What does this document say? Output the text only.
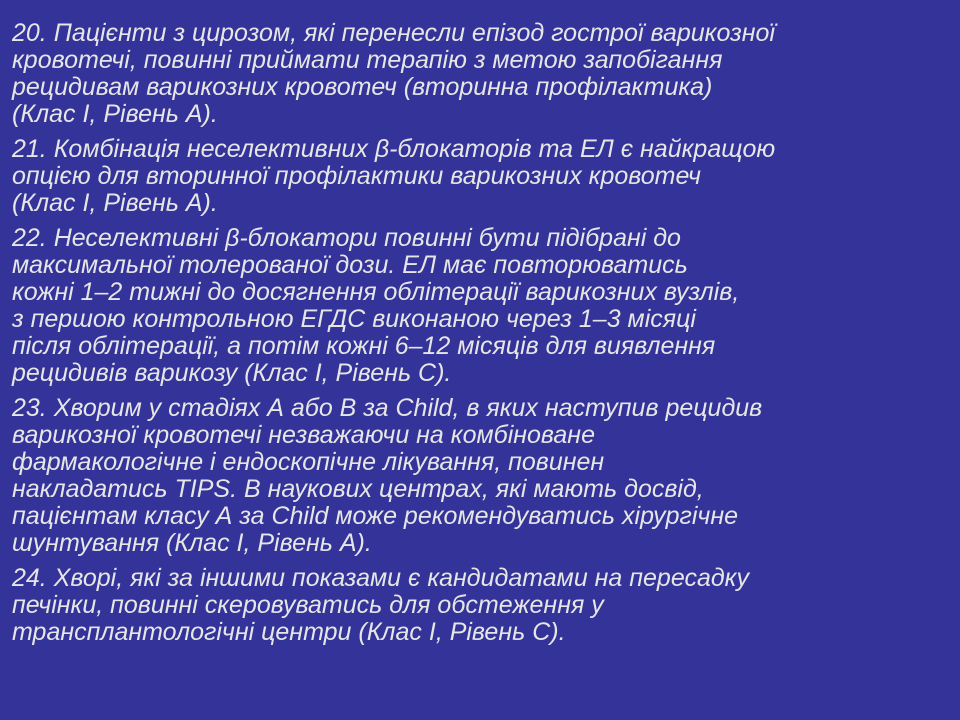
20. Пацієнти з цирозом, які перенесли епізод гострої варикозної
кровотечі, повинні приймати терапію з метою запобігання
рецидивам варикозних кровотеч (вторинна профілактика)
(Клас І, Рівень А).

21. Комбінація неселективних β-блокаторів та ЕЛ є найкращою
опцією для вторинної профілактики варикозних кровотеч
(Клас І, Рівень А).

22. Неселективні β-блокатори повинні бути підібрані до
максимальної толерованої дози. ЕЛ має повторюватись
кожні 1–2 тижні до досягнення облітерації варикозних вузлів,
з першою контрольною ЕГДС виконаною через 1–3 місяці
після облітерації, а потім кожні 6–12 місяців для виявлення
рецидивів варикозу (Клас І, Рівень С).

23. Хворим у стадіях А або В за Child, в яких наступив рецидив
варикозної кровотечі незважаючи на комбіноване
фармакологічне і ендоскопічне лікування, повинен
накладатись TIPS. В наукових центрах, які мають досвід,
пацієнтам класу А за Child може рекомендуватись хірургічне
шунтування (Клас І, Рівень А).

24. Хворі, які за іншими показами є кандидатами на пересадку
печінки, повинні скеровуватись для обстеження у
трансплантологічні центри (Клас І, Рівень С).
